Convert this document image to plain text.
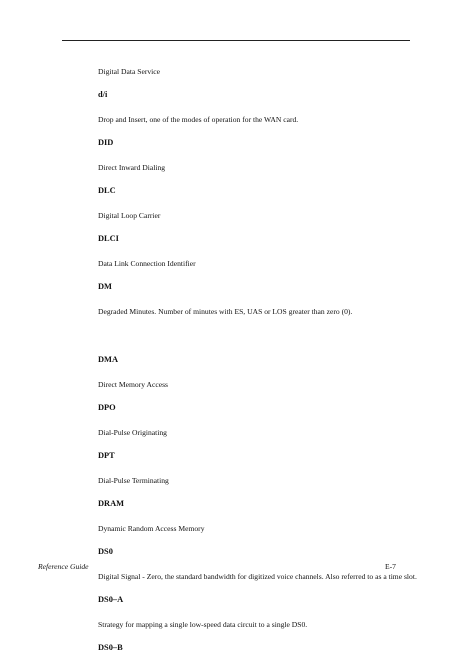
Digital Data Service

d/i

Drop and Insert, one of the modes of operation for the WAN card.

DID

Direct Inward Dialing

DLC

Digital Loop Carrier

DLCI

Data Link Connection Identifier

DM

Degraded Minutes. Number of minutes with ES, UAS or LOS greater than zero (0).

DMA

Direct Memory Access

DPO

Dial-Pulse Originating

DPT

Dial-Pulse Terminating

DRAM

Dynamic Random Access Memory

DS0

Digital Signal - Zero, the standard bandwidth for digitized voice channels. Also referred to as a time slot.

DS0–A

Strategy for mapping a single low-speed data circuit to a single DS0.

DS0–B

Reference Guide	E-7
